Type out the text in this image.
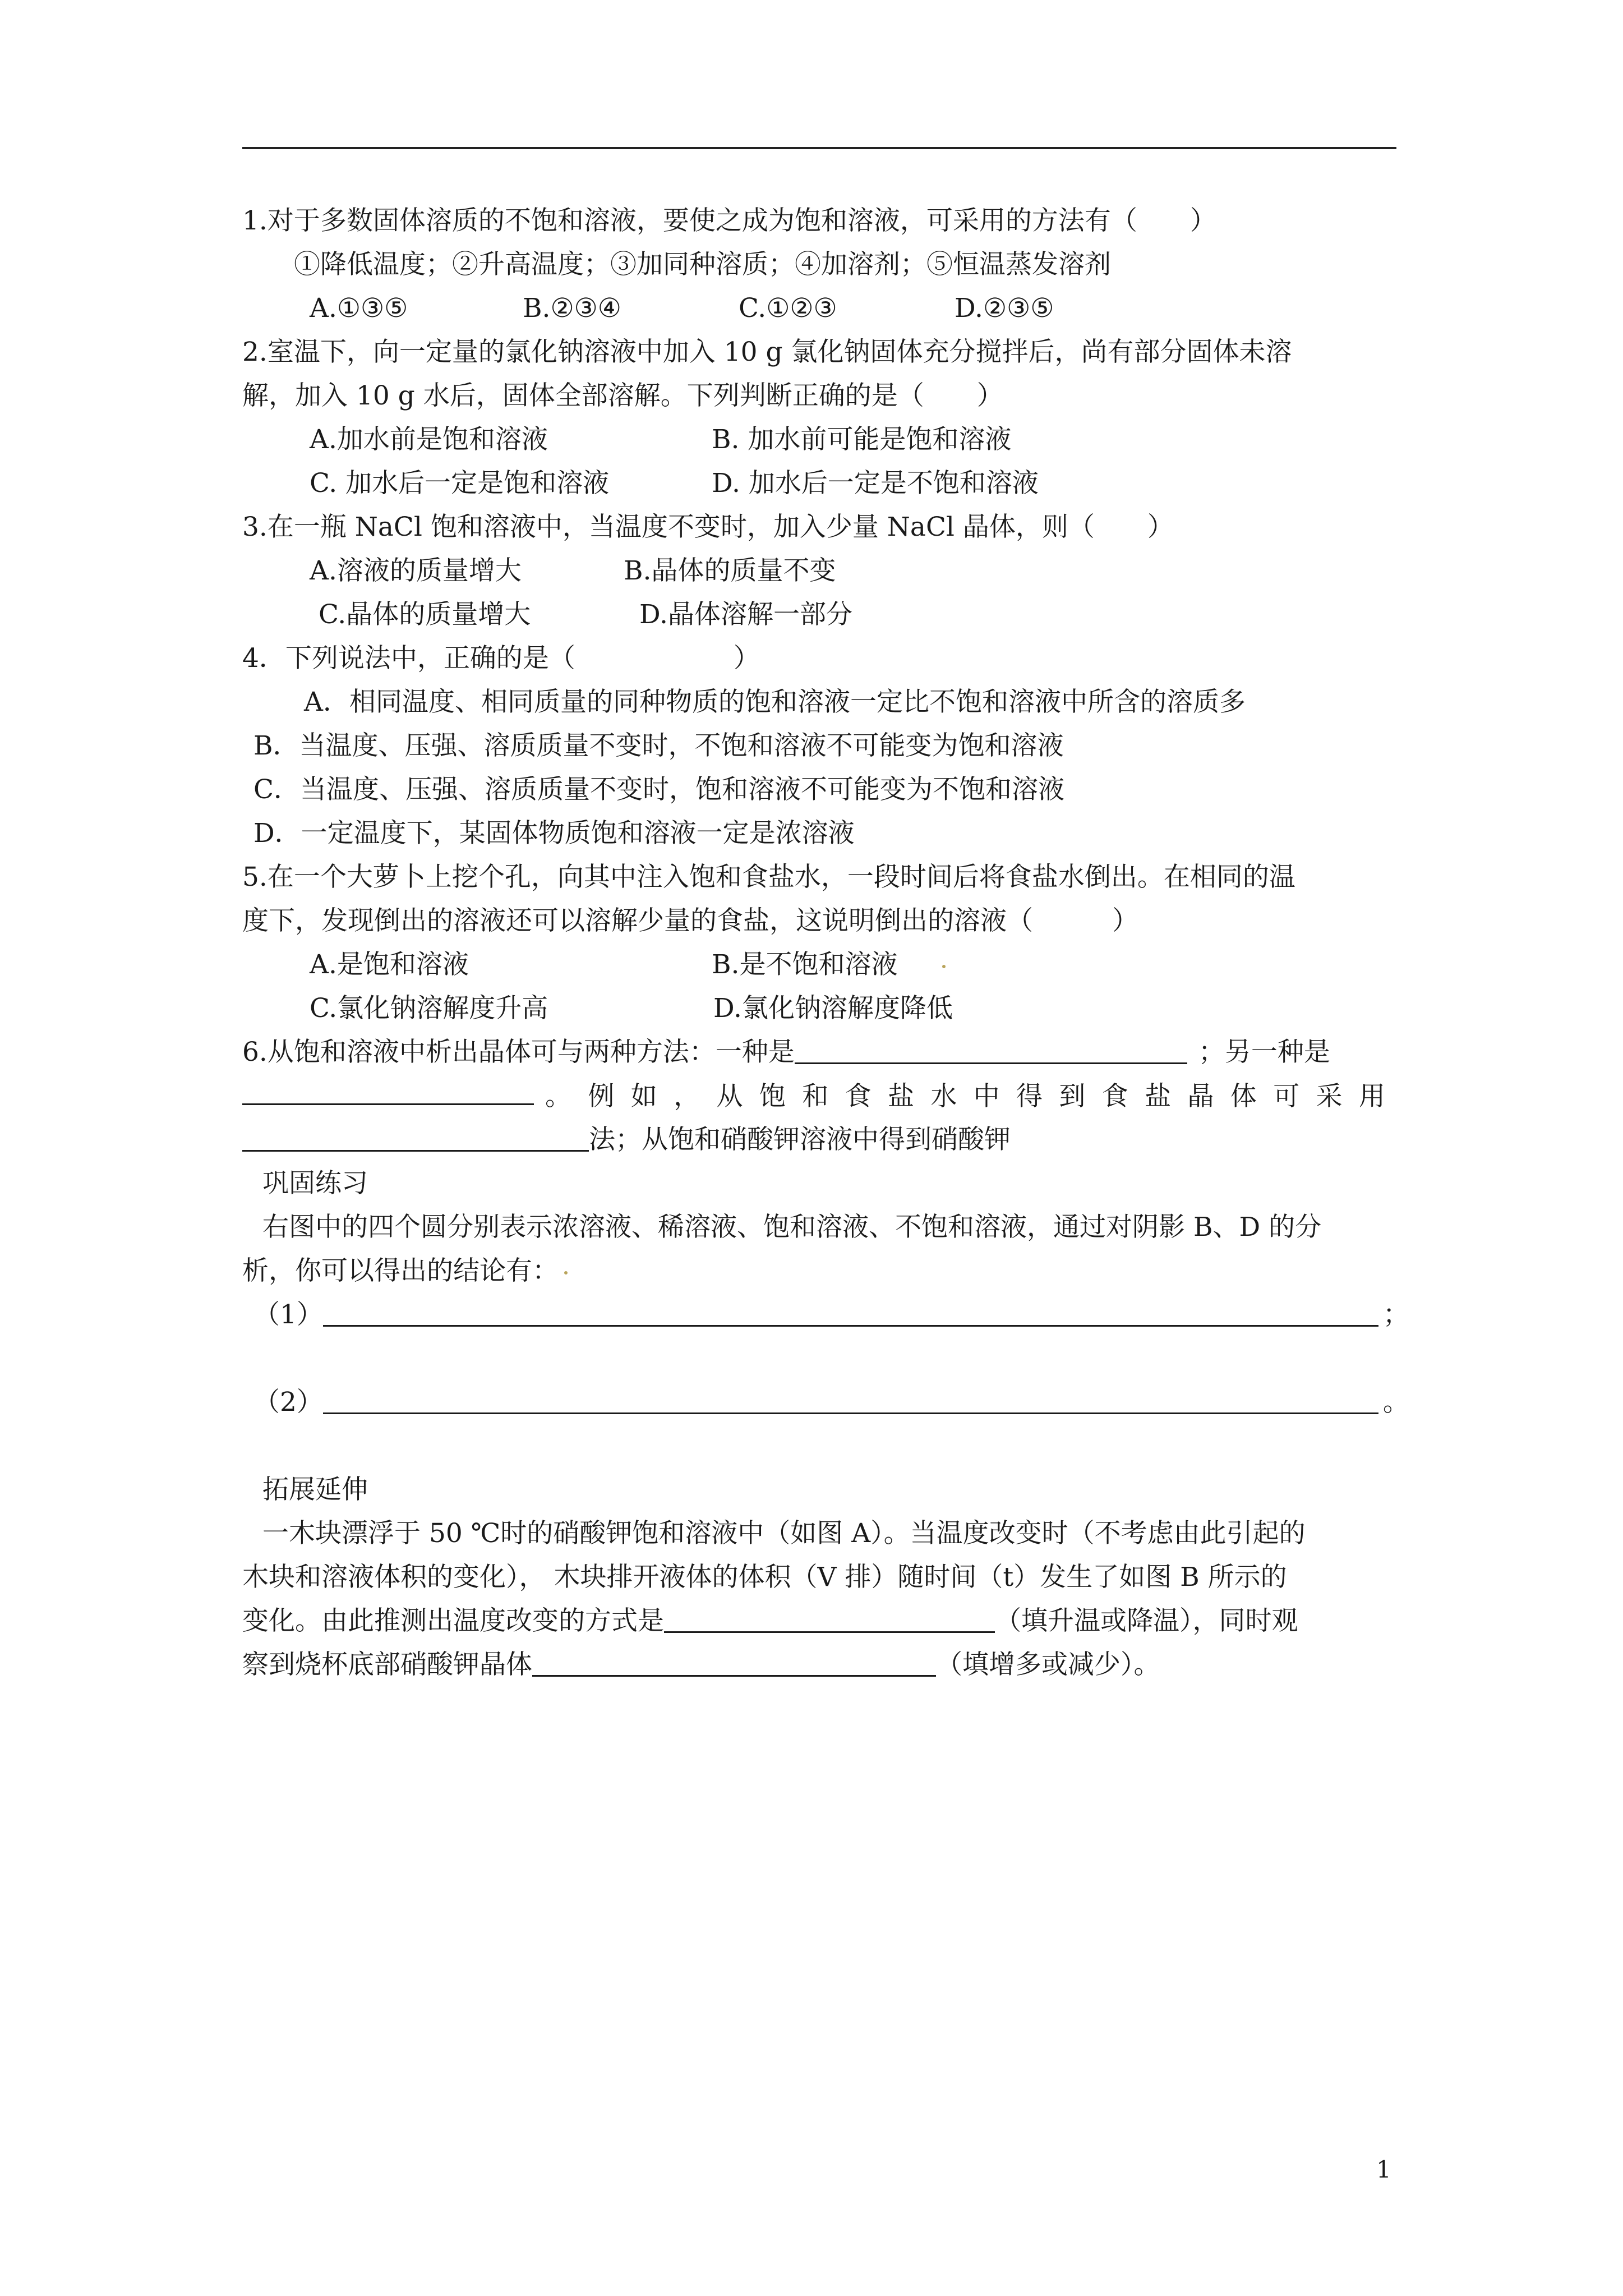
1.对于多数固体溶质的不饱和溶液，要使之成为饱和溶液，可采用的方法有（　　）
①降低温度；②升高温度；③加同种溶质；④加溶剂；⑤恒温蒸发溶剂
A.①③⑤	B.②③④	C.①②③	D.②③⑤
2.室温下，向一定量的氯化钠溶液中加入 10 g 氯化钠固体充分搅拌后，尚有部分固体未溶
解，加入 10 g 水后，固体全部溶解。下列判断正确的是（　　）
A.加水前是饱和溶液	B. 加水前可能是饱和溶液
C. 加水后一定是饱和溶液	D. 加水后一定是不饱和溶液
3.在一瓶 NaCl 饱和溶液中，当温度不变时，加入少量 NaCl 晶体，则（　　）
A.溶液的质量增大	B.晶体的质量不变
C.晶体的质量增大	D.晶体溶解一部分
4．下列说法中，正确的是（　　　　　　）
A．相同温度、相同质量的同种物质的饱和溶液一定比不饱和溶液中所含的溶质多
B．当温度、压强、溶质质量不变时，不饱和溶液不可能变为饱和溶液
C．当温度、压强、溶质质量不变时，饱和溶液不可能变为不饱和溶液
D．一定温度下，某固体物质饱和溶液一定是浓溶液
5.在一个大萝卜上挖个孔，向其中注入饱和食盐水，一段时间后将食盐水倒出。在相同的温
度下，发现倒出的溶液还可以溶解少量的食盐，这说明倒出的溶液（　　　）
A.是饱和溶液	B.是不饱和溶液
C.氯化钠溶解度升高	D.氯化钠溶解度降低
6.从饱和溶液中析出晶体可与两种方法：一种是	；另一种是
。例如，从饱和食盐水中得到食盐晶体可采用
法；从饱和硝酸钾溶液中得到硝酸钾
巩固练习
右图中的四个圆分别表示浓溶液、稀溶液、饱和溶液、不饱和溶液，通过对阴影 B、D 的分
析，你可以得出的结论有：
（1）	；
（2）	。
拓展延伸
一木块漂浮于 50 ℃时的硝酸钾饱和溶液中（如图 A）。当温度改变时（不考虑由此引起的
木块和溶液体积的变化）， 木块排开液体的体积（V 排）随时间（t）发生了如图 B 所示的
变化。由此推测出温度改变的方式是	（填升温或降温），同时观
察到烧杯底部硝酸钾晶体	（填增多或减少）。
1
